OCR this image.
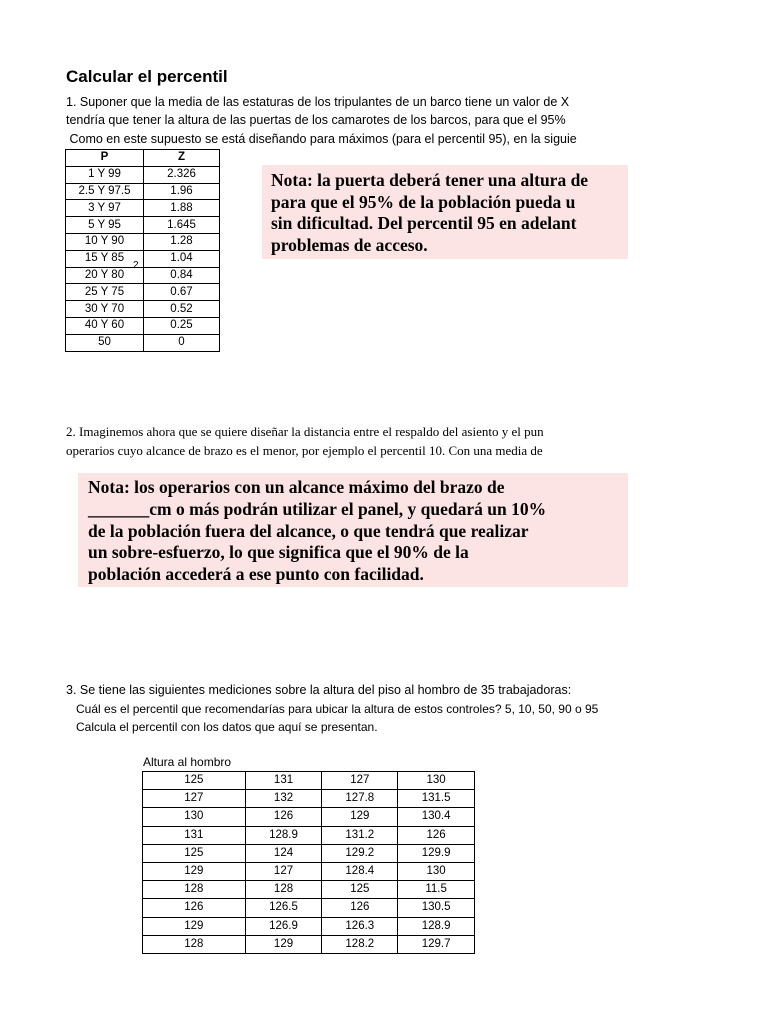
Calcular el percentil
1. Suponer que la media de las estaturas de los tripulantes de un barco tiene un valor de X
tendría que tener la altura de las puertas de los camarotes de los barcos, para que el 95%
Como en este supuesto se está diseñando para máximos (para el percentil 95), en la siguie
P	Z
1 Y 99	2.326
2.5 Y 97.5	1.96
3 Y 97	1.88
5 Y 95	1.645
10 Y 90	1.28
15 Y 85	1.04
20 Y 80	0.84
25 Y 75	0.67
30 Y 70	0.52
40 Y 60	0.25
50	0
2
Nota: la puerta deberá tener una altura de
para que el 95% de la población pueda u
sin dificultad. Del percentil 95 en adelant
problemas de acceso.
2. Imaginemos ahora que se quiere diseñar la distancia entre el respaldo del asiento y el pun
operarios cuyo alcance de brazo es el menor, por ejemplo el percentil 10. Con una media de
Nota: los operarios con un alcance máximo del brazo de
_______cm o más podrán utilizar el panel, y quedará un 10%
de la población fuera del alcance, o que tendrá que realizar
un sobre-esfuerzo, lo que significa que el 90% de la
población accederá a ese punto con facilidad.
3. Se tiene las siguientes mediciones sobre la altura del piso al hombro de 35 trabajadoras:
Cuál es el percentil que recomendarías para ubicar la altura de estos controles? 5, 10, 50, 90 o 95
Calcula el percentil con los datos que aquí se presentan.
Altura al hombro
125	131	127	130
127	132	127.8	131.5
130	126	129	130.4
131	128.9	131.2	126
125	124	129.2	129.9
129	127	128.4	130
128	128	125	11.5
126	126.5	126	130.5
129	126.9	126.3	128.9
128	129	128.2	129.7
